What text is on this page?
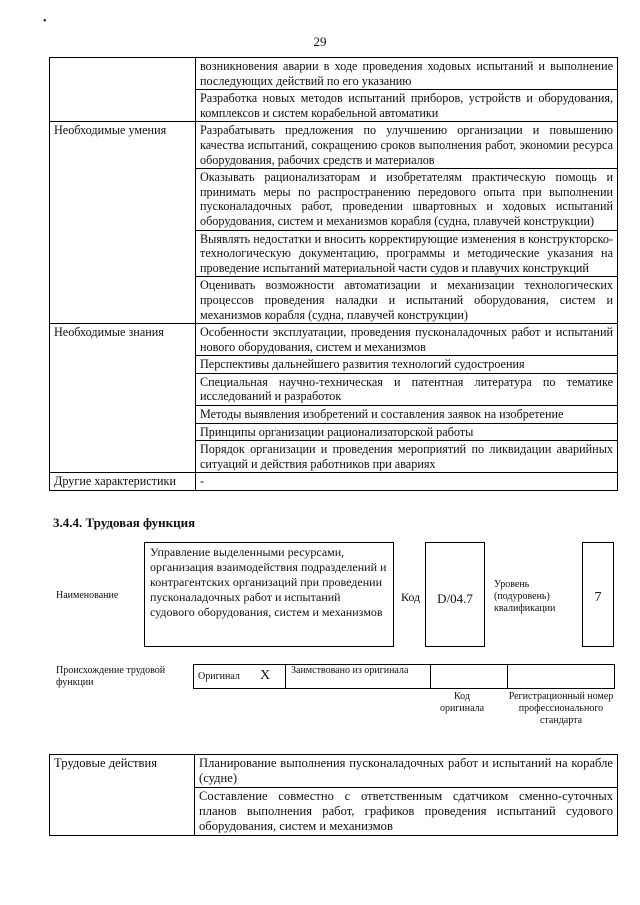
•
29
	возникновения аварии в ходе проведения ходовых испытаний и выполнение последующих действий по его указанию
	Разработка новых методов испытаний приборов, устройств и оборудования, комплексов и систем корабельной автоматики
Необходимые умения	Разрабатывать предложения по улучшению организации и повышению качества испытаний, сокращению сроков выполнения работ, экономии ресурса оборудования, рабочих средств и материалов
	Оказывать рационализаторам и изобретателям практическую помощь и принимать меры по распространению передового опыта при выполнении пусконаладочных работ, проведении швартовных и ходовых испытаний оборудования, систем и механизмов корабля (судна, плавучей конструкции)
	Выявлять недостатки и вносить корректирующие изменения в конструкторско-технологическую документацию, программы и методические указания на проведение испытаний материальной части судов и плавучих конструкций
	Оценивать возможности автоматизации и механизации технологических процессов проведения наладки и испытаний оборудования, систем и механизмов корабля (судна, плавучей конструкции)
Необходимые знания	Особенности эксплуатации, проведения пусконаладочных работ и испытаний нового оборудования, систем и механизмов
	Перспективы дальнейшего развития технологий судостроения
	Специальная научно-техническая и патентная литература по тематике исследований и разработок
	Методы выявления изобретений и составления заявок на изобретение
	Принципы организации рационализаторской работы
	Порядок организации и проведения мероприятий по ликвидации аварийных ситуаций и действия работников при авариях
Другие характеристики	-
3.4.4. Трудовая функция
Наименование
Управление выделенными ресурсами, организация взаимодействия подразделений и контрагентских организаций при проведении пусконаладочных работ и испытаний судового оборудования, систем и механизмов
Код	D/04.7
Уровень (подуровень) квалификации
7
Происхождение трудовой функции
Оригинал X Заимствовано из оригинала
Код оригинала
Регистрационный номер профессионального стандарта
Трудовые действия	Планирование выполнения пусконаладочных работ и испытаний на корабле (судне)
Составление совместно с ответственным сдатчиком сменно-суточных планов выполнения работ, графиков проведения испытаний судового оборудования, систем и механизмов
